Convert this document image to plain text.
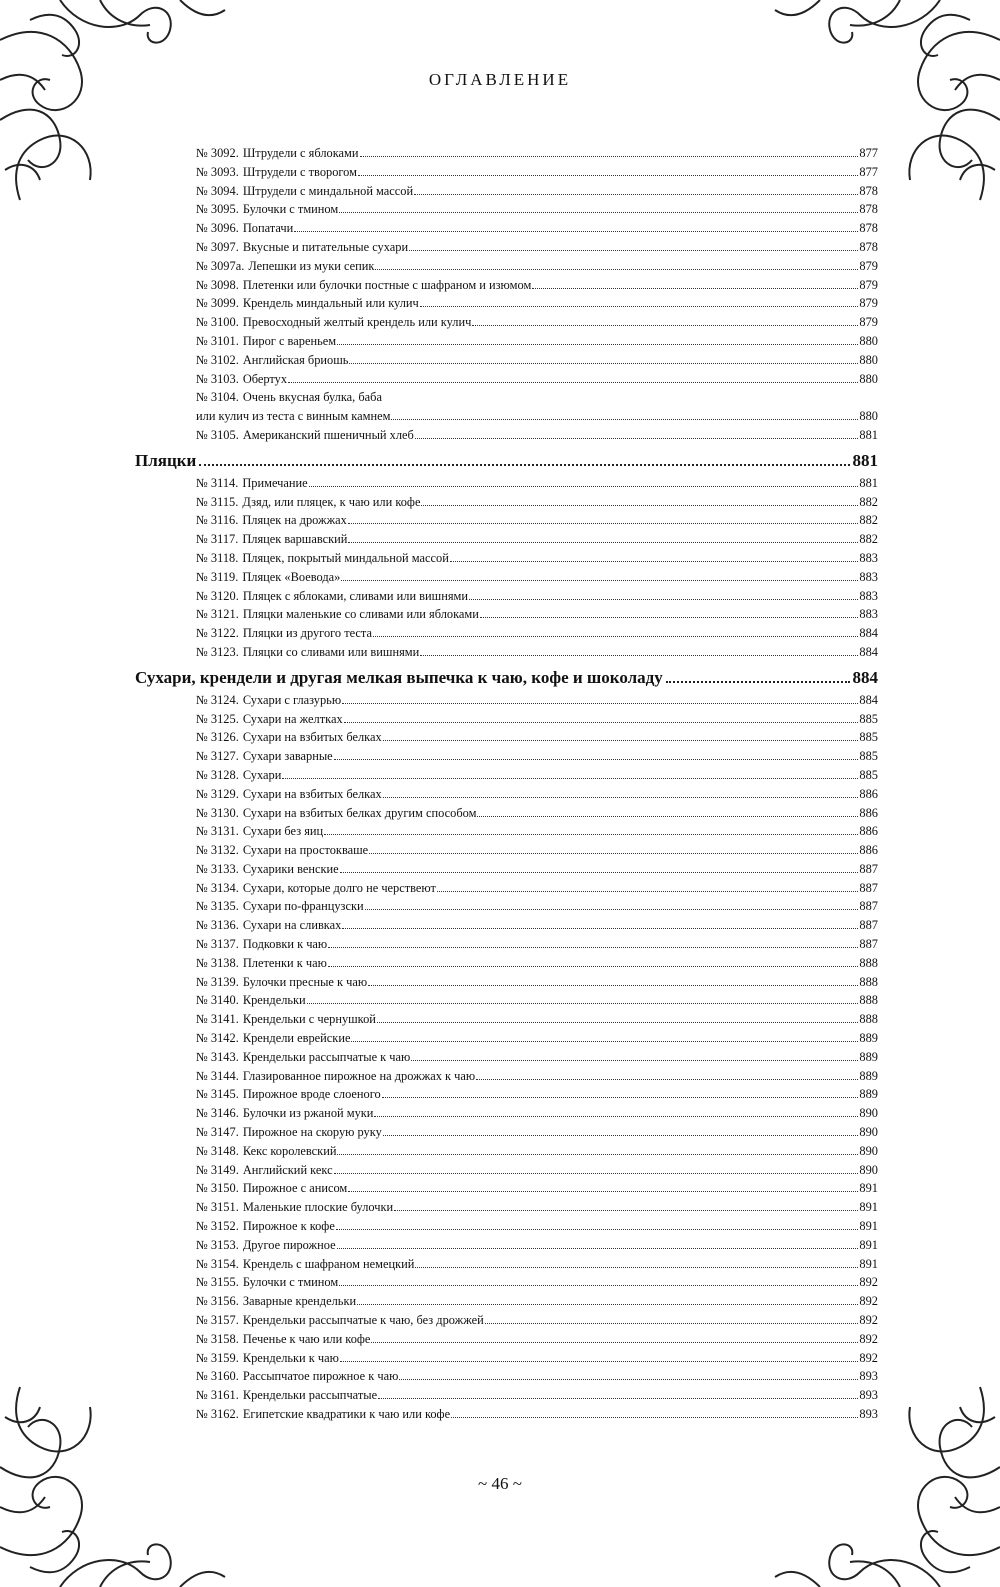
ОГЛАВЛЕНИЕ
№ 3092. Штрудели с яблоками	877
№ 3093. Штрудели с творогом	877
№ 3094. Штрудели с миндальной массой	878
№ 3095. Булочки с тмином	878
№ 3096. Попатачи	878
№ 3097. Вкусные и питательные сухари	878
№ 3097а. Лепешки из муки сепик	879
№ 3098. Плетенки или булочки постные с шафраном и изюмом	879
№ 3099. Крендель миндальный или кулич	879
№ 3100. Превосходный желтый крендель или кулич	879
№ 3101. Пирог с вареньем	880
№ 3102. Английская бриошь	880
№ 3103. Обертух	880
№ 3104. Очень вкусная булка, баба
или кулич из теста с винным камнем	880
№ 3105. Американский пшеничный хлеб	881
Пляцки	881
№ 3114. Примечание	881
№ 3115. Дзяд, или пляцек, к чаю или кофе	882
№ 3116. Пляцек на дрожжах	882
№ 3117. Пляцек варшавский	882
№ 3118. Пляцек, покрытый миндальной массой	883
№ 3119. Пляцек «Воевода»	883
№ 3120. Пляцек с яблоками, сливами или вишнями	883
№ 3121. Пляцки маленькие со сливами или яблоками	883
№ 3122. Пляцки из другого теста	884
№ 3123. Пляцки со сливами или вишнями	884
Сухари, крендели и другая мелкая выпечка к чаю, кофе и шоколаду	884
№ 3124. Сухари с глазурью	884
№ 3125. Сухари на желтках	885
№ 3126. Сухари на взбитых белках	885
№ 3127. Сухари заварные	885
№ 3128. Сухари	885
№ 3129. Сухари на взбитых белках	886
№ 3130. Сухари на взбитых белках другим способом	886
№ 3131. Сухари без яиц	886
№ 3132. Сухари на простокваше	886
№ 3133. Сухарики венские	887
№ 3134. Сухари, которые долго не черствеют	887
№ 3135. Сухари по-французски	887
№ 3136. Сухари на сливках	887
№ 3137. Подковки к чаю	887
№ 3138. Плетенки к чаю	888
№ 3139. Булочки пресные к чаю	888
№ 3140. Крендельки	888
№ 3141. Крендельки с чернушкой	888
№ 3142. Крендели еврейские	889
№ 3143. Крендельки рассыпчатые к чаю	889
№ 3144. Глазированное пирожное на дрожжах к чаю	889
№ 3145. Пирожное вроде слоеного	889
№ 3146. Булочки из ржаной муки	890
№ 3147. Пирожное на скорую руку	890
№ 3148. Кекс королевский	890
№ 3149. Английский кекс	890
№ 3150. Пирожное с анисом	891
№ 3151. Маленькие плоские булочки	891
№ 3152. Пирожное к кофе	891
№ 3153. Другое пирожное	891
№ 3154. Крендель с шафраном немецкий	891
№ 3155. Булочки с тмином	892
№ 3156. Заварные крендельки	892
№ 3157. Крендельки рассыпчатые к чаю, без дрожжей	892
№ 3158. Печенье к чаю или кофе	892
№ 3159. Крендельки к чаю	892
№ 3160. Рассыпчатое пирожное к чаю	893
№ 3161. Крендельки рассыпчатые	893
№ 3162. Египетские квадратики к чаю или кофе	893
~ 46 ~
